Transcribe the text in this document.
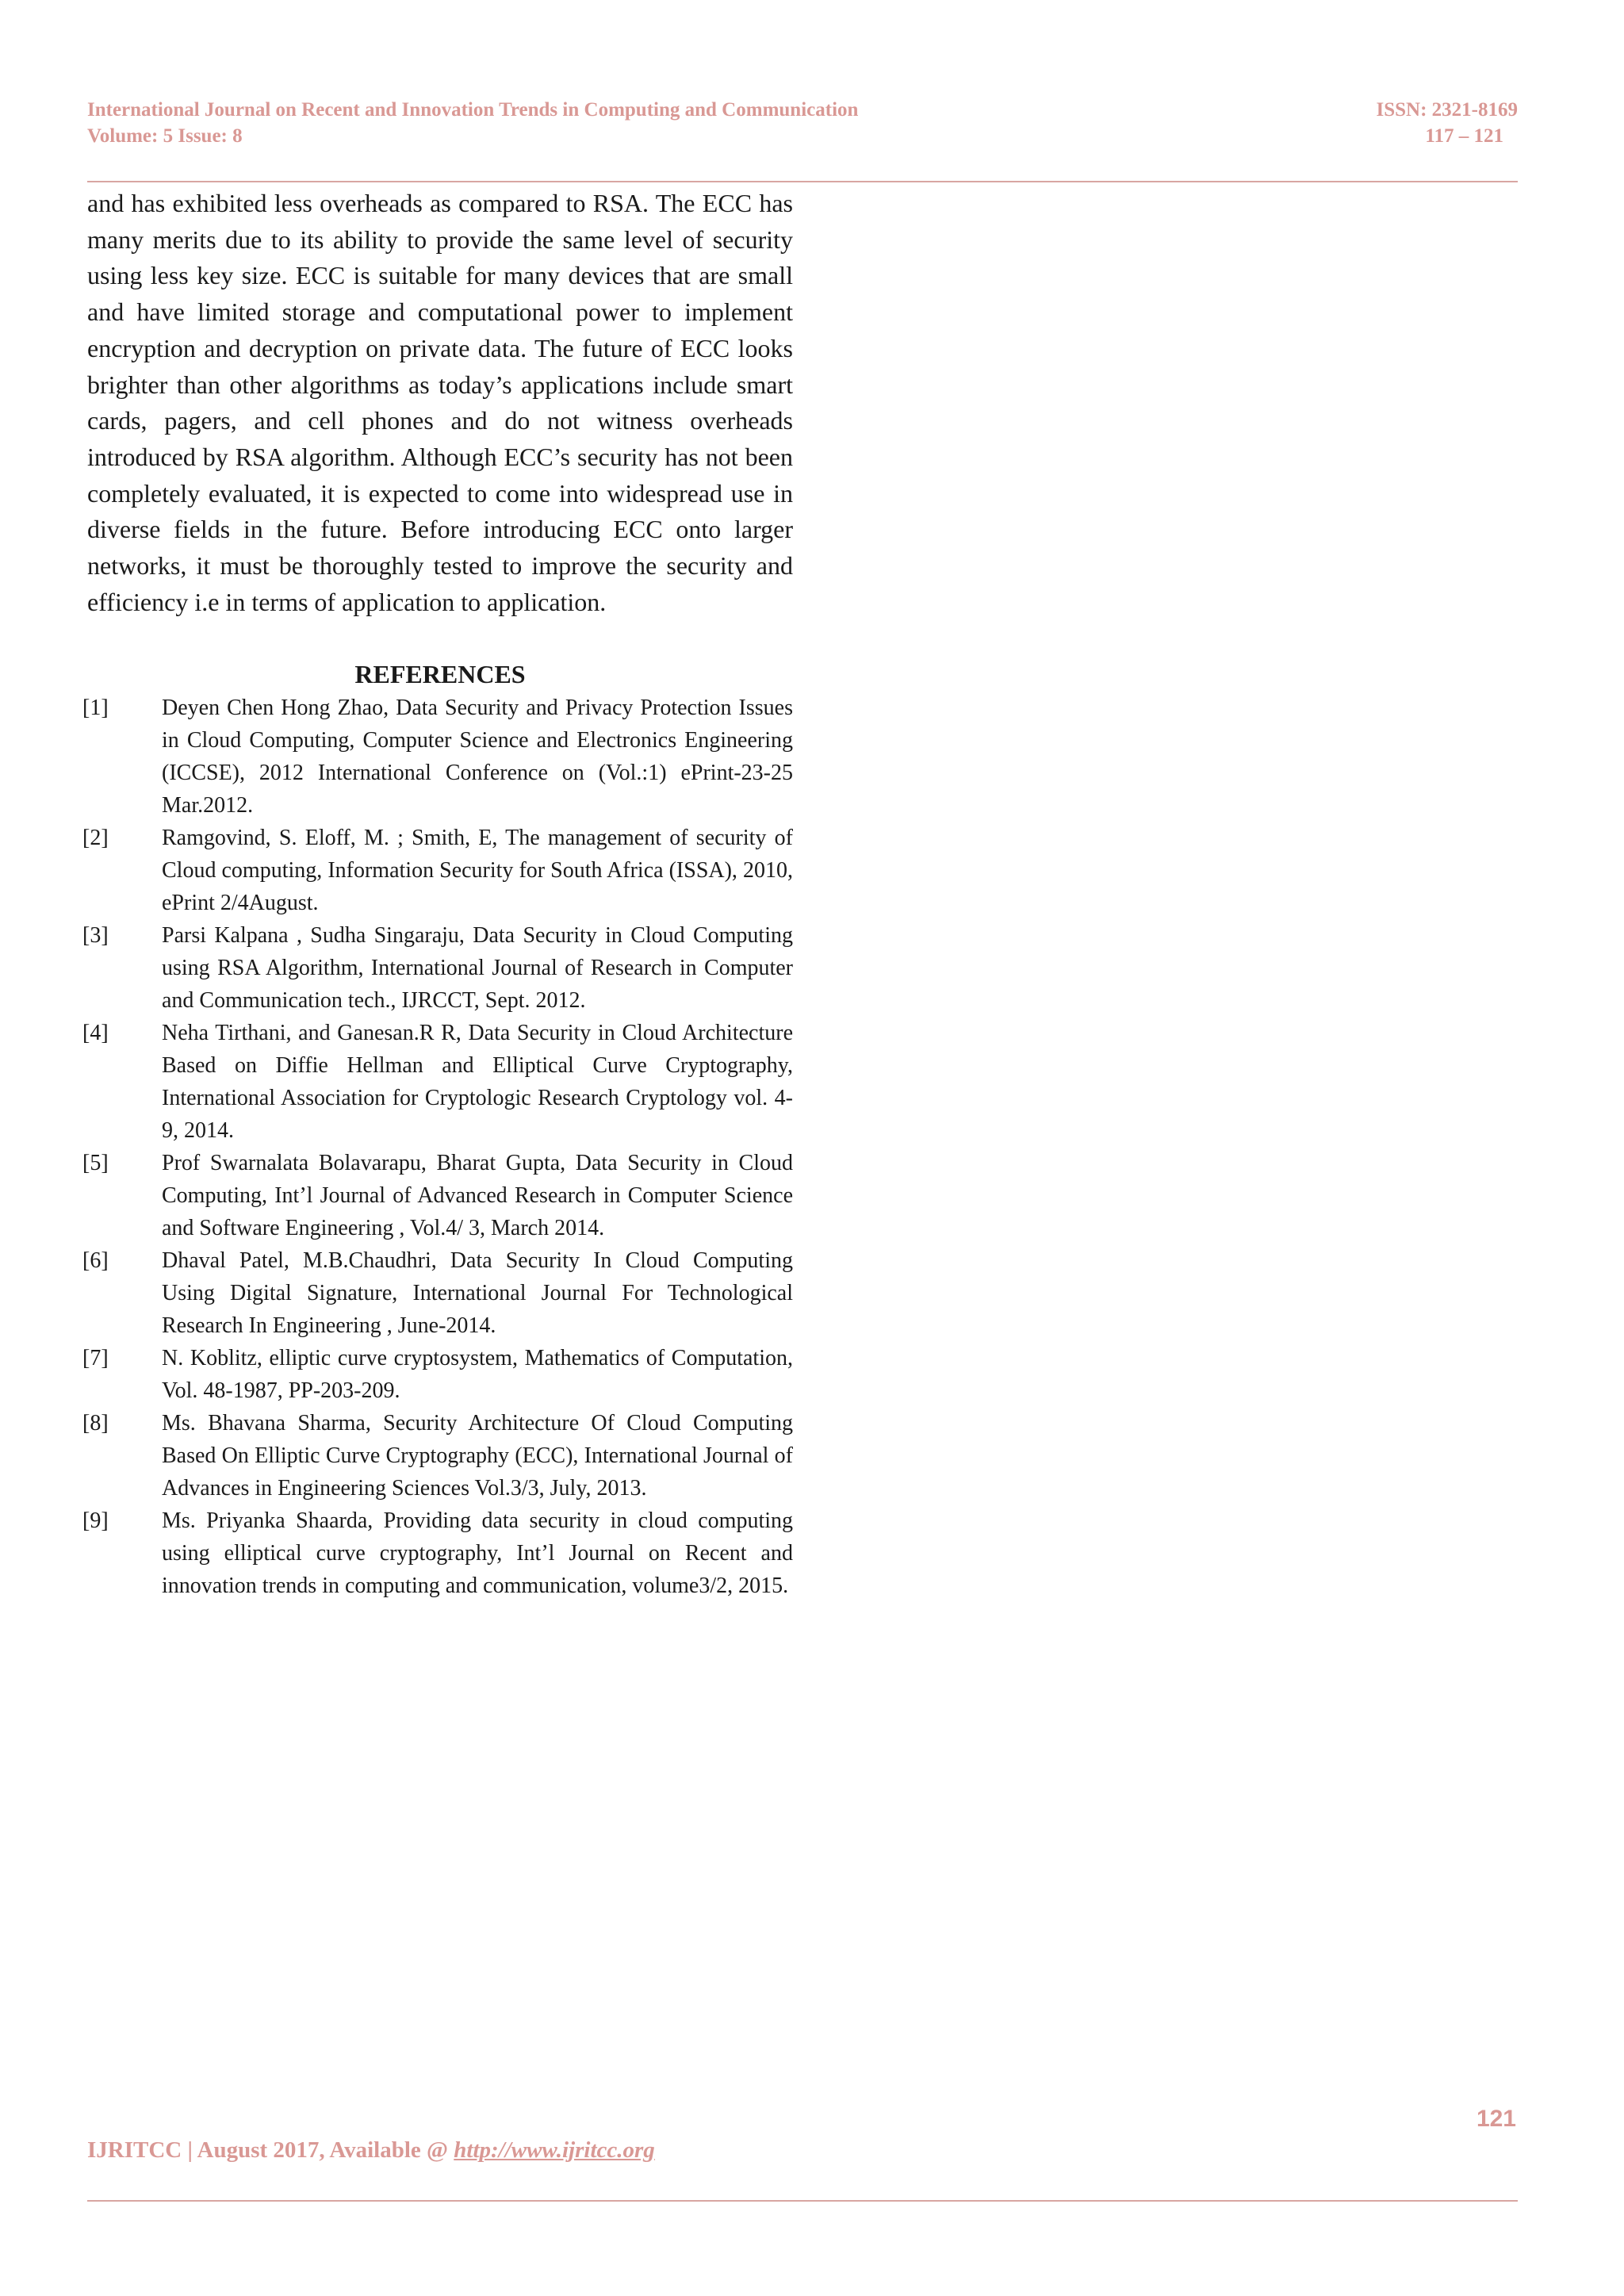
International Journal on Recent and Innovation Trends in Computing and Communication
Volume: 5 Issue: 8
ISSN: 2321-8169
117 – 121

and has exhibited less overheads as compared to RSA. The ECC has many merits due to its ability to provide the same level of security using less key size. ECC is suitable for many devices that are small and have limited storage and computational power to implement encryption and decryption on private data. The future of ECC looks brighter than other algorithms as today’s applications include smart cards, pagers, and cell phones and do not witness overheads introduced by RSA algorithm. Although ECC’s security has not been completely evaluated, it is expected to come into widespread use in diverse fields in the future. Before introducing ECC onto larger networks, it must be thoroughly tested to improve the security and efficiency i.e in terms of application to application.

REFERENCES
[1] Deyen Chen Hong Zhao, Data Security and Privacy Protection Issues in Cloud Computing, Computer Science and Electronics Engineering (ICCSE), 2012 International Conference on (Vol.:1) ePrint-23-25 Mar.2012.
[2] Ramgovind, S. Eloff, M. ; Smith, E, The management of security of Cloud computing, Information Security for South Africa (ISSA), 2010, ePrint 2/4August.
[3] Parsi Kalpana , Sudha Singaraju, Data Security in Cloud Computing using RSA Algorithm, International Journal of Research in Computer and Communication tech., IJRCCT, Sept. 2012.
[4] Neha Tirthani, and Ganesan.R R, Data Security in Cloud Architecture Based on Diffie Hellman and Elliptical Curve Cryptography, International Association for Cryptologic Research Cryptology vol. 4-9, 2014.
[5] Prof Swarnalata Bolavarapu, Bharat Gupta, Data Security in Cloud Computing, Int’l Journal of Advanced Research in Computer Science and Software Engineering , Vol.4/ 3, March 2014.
[6] Dhaval Patel, M.B.Chaudhri, Data Security In Cloud Computing Using Digital Signature, International Journal For Technological Research In Engineering , June-2014.
[7] N. Koblitz, elliptic curve cryptosystem, Mathematics of Computation, Vol. 48-1987, PP-203-209.
[8] Ms. Bhavana Sharma, Security Architecture Of Cloud Computing Based On Elliptic Curve Cryptography (ECC), International Journal of Advances in Engineering Sciences Vol.3/3, July, 2013.
[9] Ms. Priyanka Shaarda, Providing data security in cloud computing using elliptical curve cryptography, Int’l Journal on Recent and innovation trends in computing and communication, volume3/2, 2015.
121
IJRITCC | August 2017, Available @ http://www.ijritcc.org
